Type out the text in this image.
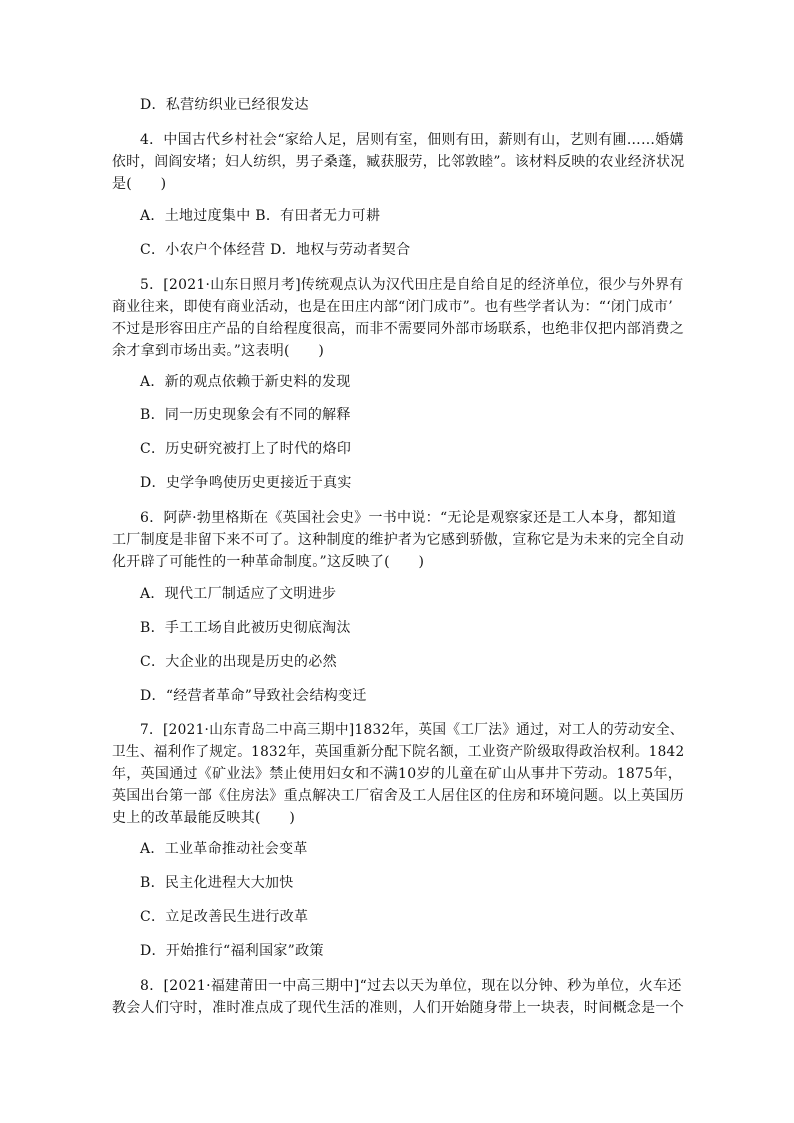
D．私营纺织业已经很发达
4．中国古代乡村社会“家给人足，居则有室，佃则有田，薪则有山，艺则有圃……婚媾
依时，闾阎安堵；妇人纺织，男子桑蓬，臧获服劳，比邻敦睦”。该材料反映的农业经济状况
是(　　)
A．土地过度集中 B．有田者无力可耕
C．小农户个体经营 D．地权与劳动者契合
5．[2021·山东日照月考]传统观点认为汉代田庄是自给自足的经济单位，很少与外界有
商业往来，即使有商业活动，也是在田庄内部“闭门成市”。也有些学者认为：“‘闭门成市’
不过是形容田庄产品的自给程度很高，而非不需要同外部市场联系，也绝非仅把内部消费之
余才拿到市场出卖。”这表明(　　)
A．新的观点依赖于新史料的发现
B．同一历史现象会有不同的解释
C．历史研究被打上了时代的烙印
D．史学争鸣使历史更接近于真实
6．阿萨·勃里格斯在《英国社会史》一书中说：“无论是观察家还是工人本身，都知道
工厂制度是非留下来不可了。这种制度的维护者为它感到骄傲，宣称它是为未来的完全自动
化开辟了可能性的一种革命制度。”这反映了(　　)
A．现代工厂制适应了文明进步
B．手工工场自此被历史彻底淘汰
C．大企业的出现是历史的必然
D．“经营者革命”导致社会结构变迁
7．[2021·山东青岛二中高三期中]1832年，英国《工厂法》通过，对工人的劳动安全、
卫生、福利作了规定。1832年，英国重新分配下院名额，工业资产阶级取得政治权利。1842
年，英国通过《矿业法》禁止使用妇女和不满10岁的儿童在矿山从事井下劳动。1875年，
英国出台第一部《住房法》重点解决工厂宿舍及工人居住区的住房和环境问题。以上英国历
史上的改革最能反映其(　　)
A．工业革命推动社会变革
B．民主化进程大大加快
C．立足改善民生进行改革
D．开始推行“福利国家”政策
8．[2021·福建莆田一中高三期中]“过去以天为单位，现在以分钟、秒为单位，火车还
教会人们守时，准时准点成了现代生活的准则，人们开始随身带上一块表，时间概念是一个
